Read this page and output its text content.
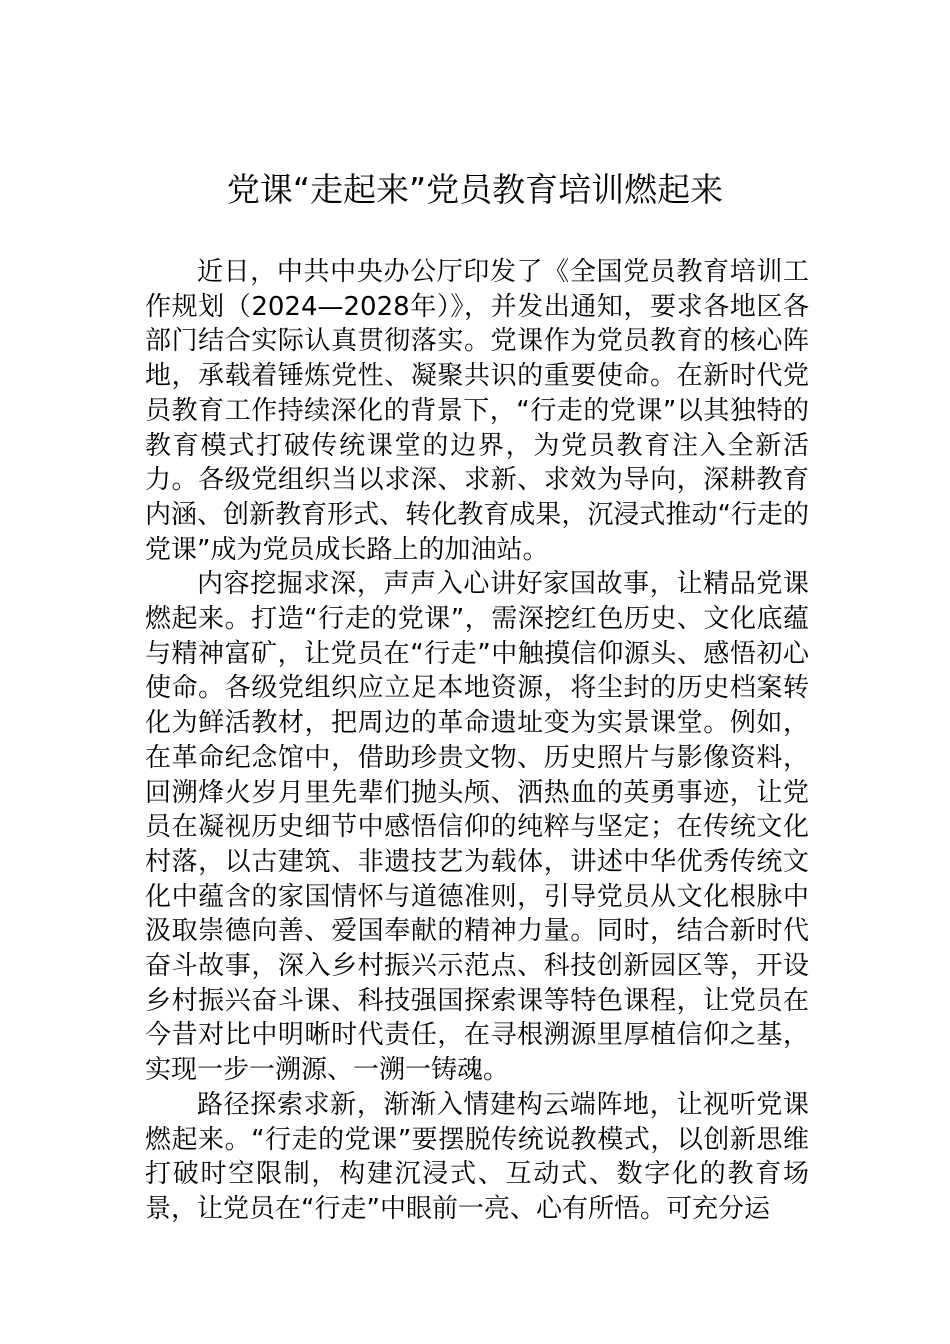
党课“走起来”党员教育培训燃起来

近日，中共中央办公厅印发了《全国党员教育培训工作规划（2024—2028年）》，并发出通知，要求各地区各部门结合实际认真贯彻落实。党课作为党员教育的核心阵地，承载着锤炼党性、凝聚共识的重要使命。在新时代党员教育工作持续深化的背景下，“行走的党课”以其独特的教育模式打破传统课堂的边界，为党员教育注入全新活力。各级党组织当以求深、求新、求效为导向，深耕教育内涵、创新教育形式、转化教育成果，沉浸式推动“行走的党课”成为党员成长路上的加油站。

内容挖掘求深，声声入心讲好家国故事，让精品党课燃起来。打造“行走的党课”，需深挖红色历史、文化底蕴与精神富矿，让党员在“行走”中触摸信仰源头、感悟初心使命。各级党组织应立足本地资源，将尘封的历史档案转化为鲜活教材，把周边的革命遗址变为实景课堂。例如，在革命纪念馆中，借助珍贵文物、历史照片与影像资料，回溯烽火岁月里先辈们抛头颅、洒热血的英勇事迹，让党员在凝视历史细节中感悟信仰的纯粹与坚定；在传统文化村落，以古建筑、非遗技艺为载体，讲述中华优秀传统文化中蕴含的家国情怀与道德准则，引导党员从文化根脉中汲取崇德向善、爱国奉献的精神力量。同时，结合新时代奋斗故事，深入乡村振兴示范点、科技创新园区等，开设乡村振兴奋斗课、科技强国探索课等特色课程，让党员在今昔对比中明晰时代责任，在寻根溯源里厚植信仰之基，实现一步一溯源、一溯一铸魂。

路径探索求新，渐渐入情建构云端阵地，让视听党课燃起来。“行走的党课”要摆脱传统说教模式，以创新思维打破时空限制，构建沉浸式、互动式、数字化的教育场景，让党员在“行走”中眼前一亮、心有所悟。可充分运
